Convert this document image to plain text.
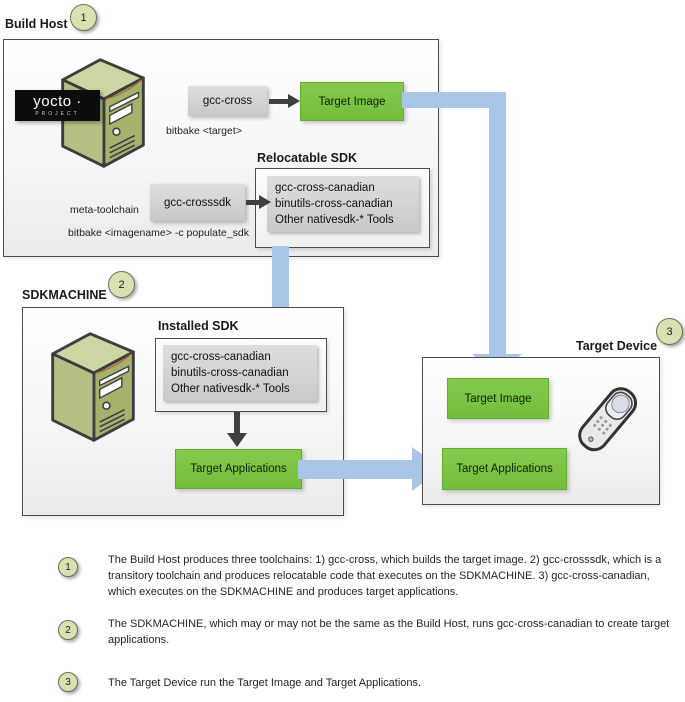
1
Build Host
yocto ·
PROJECT
gcc-cross	Target Image
bitbake <target>
Relocatable SDK
gcc-cross-canadian
binutils-cross-canadian
Other nativesdk-* Tools
gcc-crosssdk
meta-toolchain
bitbake <imagename> -c populate_sdk
2
SDKMACHINE
Installed SDK
gcc-cross-canadian
binutils-cross-canadian
Other nativesdk-* Tools
Target Applications
3
Target Device
Target Image
Target Applications
1
The Build Host produces three toolchains: 1) gcc-cross, which builds the target image. 2) gcc-crosssdk, which is a transitory toolchain and produces relocatable code that executes on the SDKMACHINE. 3) gcc-cross-canadian, which executes on the SDKMACHINE and produces target applications.
2	The SDKMACHINE, which may or may not be the same as the Build Host, runs gcc-cross-canadian to create target applications.
3	The Target Device run the Target Image and Target Applications.
